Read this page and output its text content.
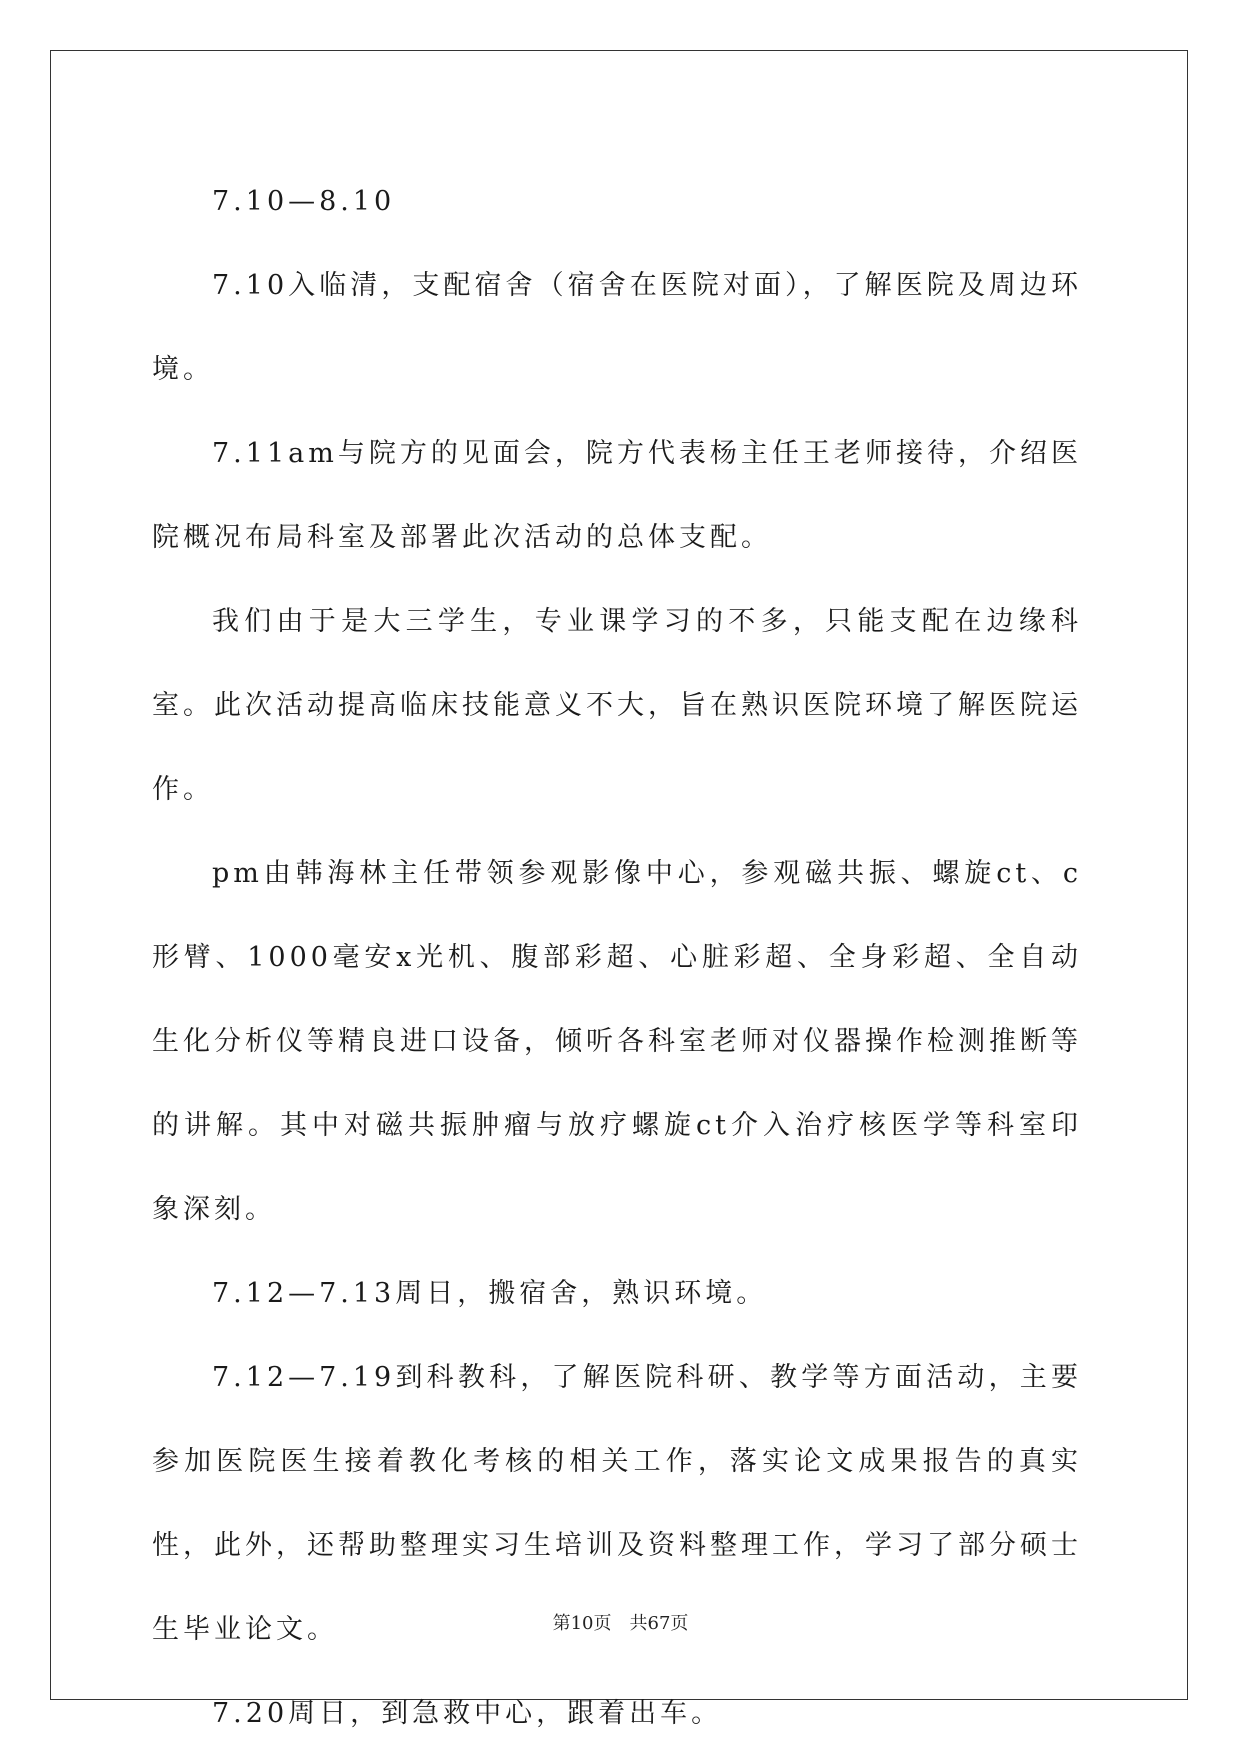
7.10—8.10

7.10入临清，支配宿舍（宿舍在医院对面），了解医院及周边环境。

7.11am与院方的见面会，院方代表杨主任王老师接待，介绍医院概况布局科室及部署此次活动的总体支配。

我们由于是大三学生，专业课学习的不多，只能支配在边缘科室。此次活动提高临床技能意义不大，旨在熟识医院环境了解医院运作。

pm由韩海林主任带领参观影像中心，参观磁共振、螺旋ct、c形臂、1000毫安x光机、腹部彩超、心脏彩超、全身彩超、全自动生化分析仪等精良进口设备，倾听各科室老师对仪器操作检测推断等的讲解。其中对磁共振肿瘤与放疗螺旋ct介入治疗核医学等科室印象深刻。

7.12—7.13周日，搬宿舍，熟识环境。

7.12—7.19到科教科，了解医院科研、教学等方面活动，主要参加医院医生接着教化考核的相关工作，落实论文成果报告的真实性，此外，还帮助整理实习生培训及资料整理工作，学习了部分硕士生毕业论文。

7.20周日，到急救中心，跟着出车。

第10页 共67页
